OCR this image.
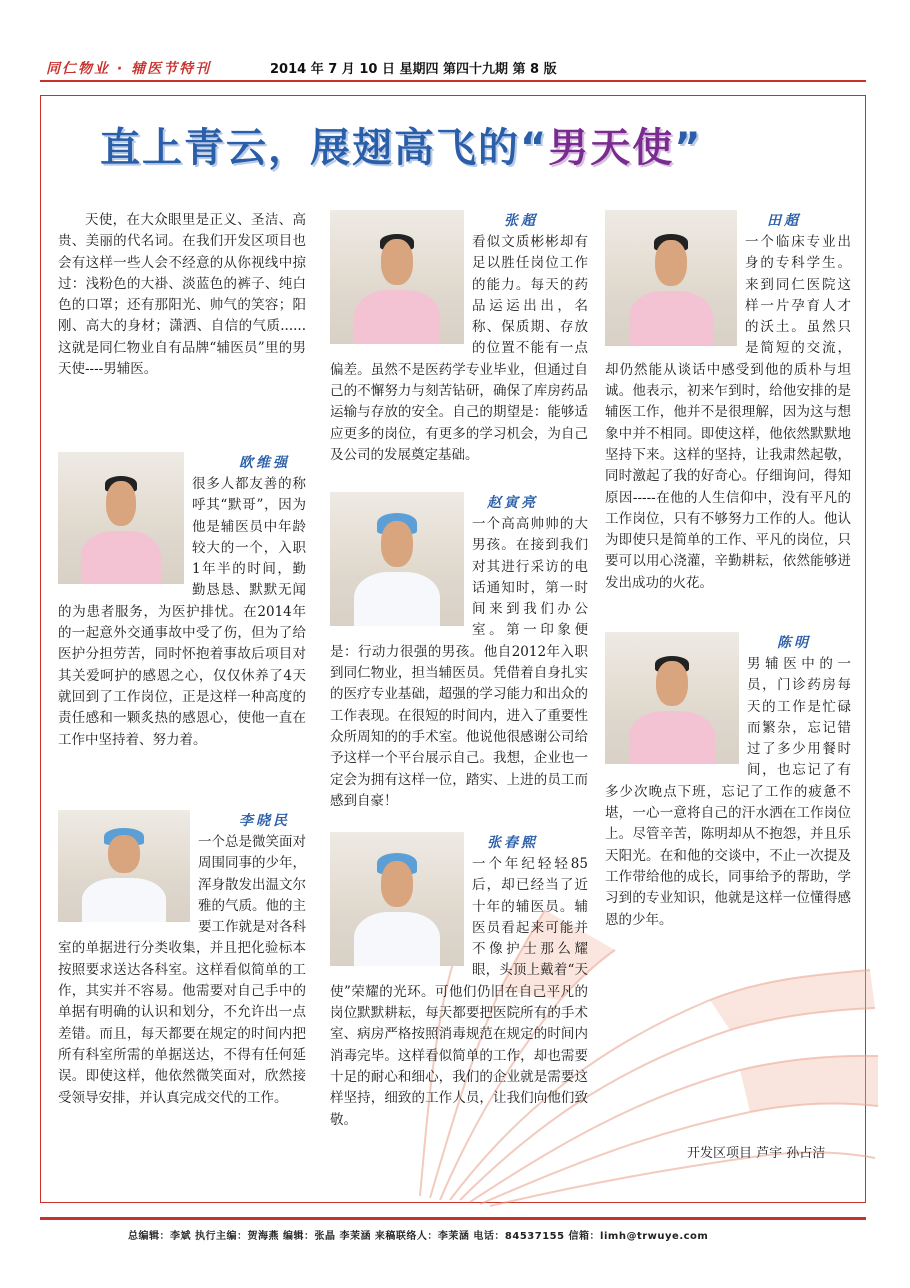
同仁物业 · 辅医节特刊	2014 年 7 月 10 日 星期四 第四十九期 第 8 版
直上青云，展翅高飞的“男天使”

天使，在大众眼里是正义、圣洁、高贵、美丽的代名词。在我们开发区项目也会有这样一些人会不经意的从你视线中掠过：浅粉色的大褂、淡蓝色的裤子、纯白色的口罩；还有那阳光、帅气的笑容；阳刚、高大的身材；潇洒、自信的气质......这就是同仁物业自有品牌“辅医员”里的男天使----男辅医。

欧维强

很多人都友善的称呼其“默哥”，因为他是辅医员中年龄较大的一个，入职1年半的时间，勤勤恳恳、默默无闻的为患者服务，为医护排忧。在2014年的一起意外交通事故中受了伤，但为了给医护分担劳苦，同时怀抱着事故后项目对其关爱呵护的感恩之心，仅仅休养了4天就回到了工作岗位，正是这样一种高度的责任感和一颗炙热的感恩心，使他一直在工作中坚持着、努力着。

李晓民

一个总是微笑面对周围同事的少年，浑身散发出温文尔雅的气质。他的主要工作就是对各科室的单据进行分类收集，并且把化验标本按照要求送达各科室。这样看似简单的工作，其实并不容易。他需要对自己手中的单据有明确的认识和划分，不允许出一点差错。而且，每天都要在规定的时间内把所有科室所需的单据送达，不得有任何延误。即使这样，他依然微笑面对，欣然接受领导安排，并认真完成交代的工作。

张超

看似文质彬彬却有足以胜任岗位工作的能力。每天的药品运运出出，名称、保质期、存放的位置不能有一点偏差。虽然不是医药学专业毕业，但通过自己的不懈努力与刻苦钻研，确保了库房药品运输与存放的安全。自己的期望是：能够适应更多的岗位，有更多的学习机会，为自己及公司的发展奠定基础。

赵寅亮

一个高高帅帅的大男孩。在接到我们对其进行采访的电话通知时，第一时间来到我们办公室。第一印象便是：行动力很强的男孩。他自2012年入职到同仁物业，担当辅医员。凭借着自身扎实的医疗专业基础，超强的学习能力和出众的工作表现。在很短的时间内，进入了重要性众所周知的的手术室。他说他很感谢公司给予这样一个平台展示自己。我想，企业也一定会为拥有这样一位，踏实、上进的员工而感到自豪！

张春熙

一个年纪轻轻85后，却已经当了近十年的辅医员。辅医员看起来可能并不像护士那么耀眼，头顶上戴着“天使”荣耀的光环。可他们仍旧在自己平凡的岗位默默耕耘，每天都要把医院所有的手术室、病房严格按照消毒规范在规定的时间内消毒完毕。这样看似简单的工作，却也需要十足的耐心和细心，我们的企业就是需要这样坚持，细致的工作人员，让我们向他们致敬。

田超

一个临床专业出身的专科学生。来到同仁医院这样一片孕育人才的沃土。虽然只是简短的交流，却仍然能从谈话中感受到他的质朴与坦诚。他表示，初来乍到时，给他安排的是辅医工作，他并不是很理解，因为这与想象中并不相同。即使这样，他依然默默地坚持下来。这样的坚持，让我肃然起敬，同时激起了我的好奇心。仔细询问，得知原因-----在他的人生信仰中，没有平凡的工作岗位，只有不够努力工作的人。他认为即使只是简单的工作、平凡的岗位，只要可以用心浇灌，辛勤耕耘，依然能够迸发出成功的火花。

陈明

男辅医中的一员，门诊药房每天的工作是忙碌而繁杂，忘记错过了多少用餐时间，也忘记了有多少次晚点下班，忘记了工作的疲惫不堪，一心一意将自己的汗水洒在工作岗位上。尽管辛苦，陈明却从不抱怨，并且乐天阳光。在和他的交谈中，不止一次提及工作带给他的成长，同事给予的帮助，学习到的专业知识，他就是这样一位懂得感恩的少年。

开发区项目 芦宇 孙占洁
总编辑：李斌 执行主编：贺海燕 编辑：张晶 李茉涵 来稿联络人：李茉涵 电话：84537155 信箱：limh@trwuye.com
